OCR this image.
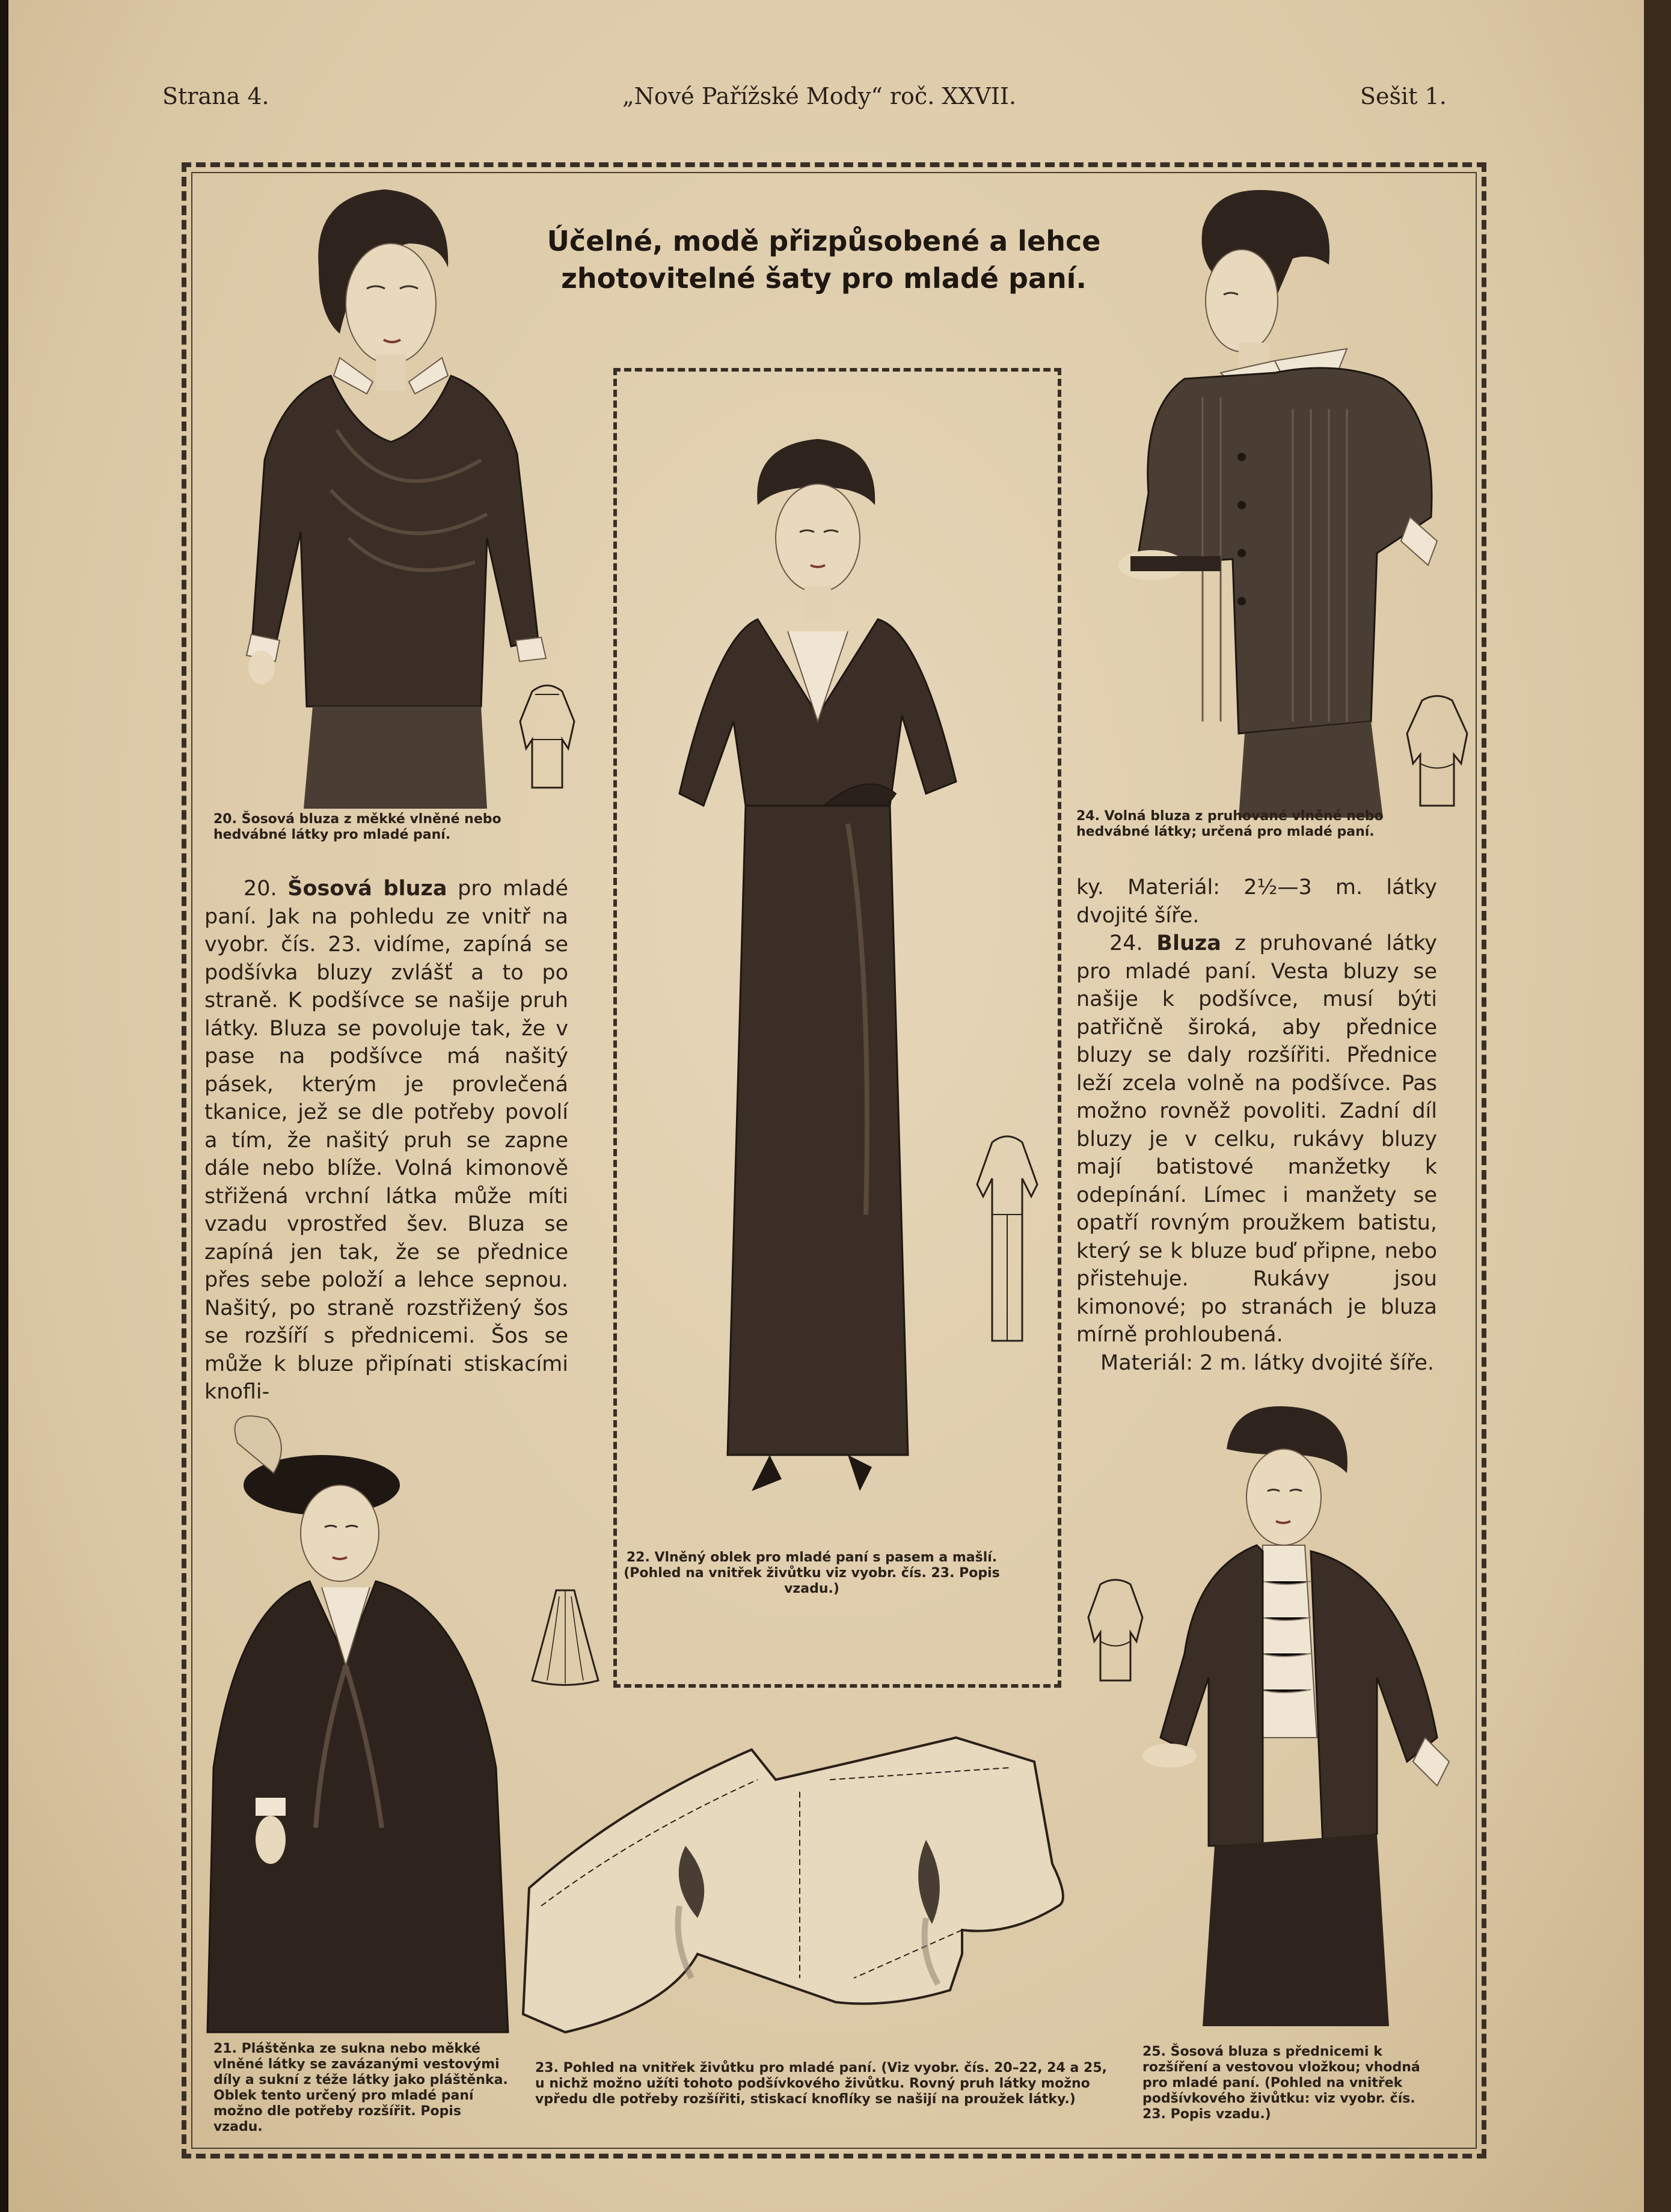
Strana 4.	„Nové Pařížské Mody“ roč. XXVII.	Sešit 1.
Účelné, modě přizpůsobené a lehce
zhotovitelné šaty pro mladé paní.
20. Šosová bluza z měkké vlněné nebo hedvábné látky pro mladé paní.
24. Volná bluza z pruhované vlněné nebo hedvábné látky; určená pro mladé paní.
22. Vlněný oblek pro mladé paní s pasem a mašlí. (Pohled na vnitřek živůtku viz vyobr. čís. 23. Popis vzadu.)
20. Šosová bluza pro mladé paní. Jak na pohledu ze vnitř na vyobr. čís. 23. vidíme, zapíná se podšívka bluzy zvlášť a to po straně. K podšívce se našije pruh látky. Bluza se povoluje tak, že v pase na podšívce má našitý pásek, kterým je provlečená tkanice, jež se dle potřeby povolí a tím, že našitý pruh se zapne dále nebo blíže. Volná kimonově střižená vrchní látka může míti vzadu vprostřed šev. Bluza se zapíná jen tak, že se přednice přes sebe položí a lehce sepnou. Našitý, po straně rozstřižený šos se rozšíří s přednicemi. Šos se může k bluze připínati stiskacími knofli-
ky. Materiál: 2½—3 m. látky dvojité šíře.
24. Bluza z pruhované látky pro mladé paní. Vesta bluzy se našije k podšívce, musí býti patřičně široká, aby přednice bluzy se daly rozšířiti. Přednice leží zcela volně na podšívce. Pas možno rovněž povoliti. Zadní díl bluzy je v celku, rukávy bluzy mají batistové manžetky k odepínání. Límec i manžety se opatří rovným proužkem batistu, který se k bluze buď připne, nebo přistehuje. Rukávy jsou kimonové; po stranách je bluza mírně prohloubená.
Materiál: 2 m. látky dvojité šíře.
21. Pláštěnka ze sukna nebo měkké vlněné látky se zavázanými vestovými díly a sukní z téže látky jako pláštěnka. Oblek tento určený pro mladé paní možno dle potřeby rozšířit. Popis vzadu.
23. Pohled na vnitřek živůtku pro mladé paní. (Viz vyobr. čís. 20–22, 24 a 25, u nichž možno užíti tohoto podšívkového živůtku. Rovný pruh látky možno vpředu dle potřeby rozšířiti, stiskací knoflíky se našijí na proužek látky.)
25. Šosová bluza s přednicemi k rozšíření a vestovou vložkou; vhodná pro mladé paní. (Pohled na vnitřek podšívkového živůtku: viz vyobr. čís. 23. Popis vzadu.)
